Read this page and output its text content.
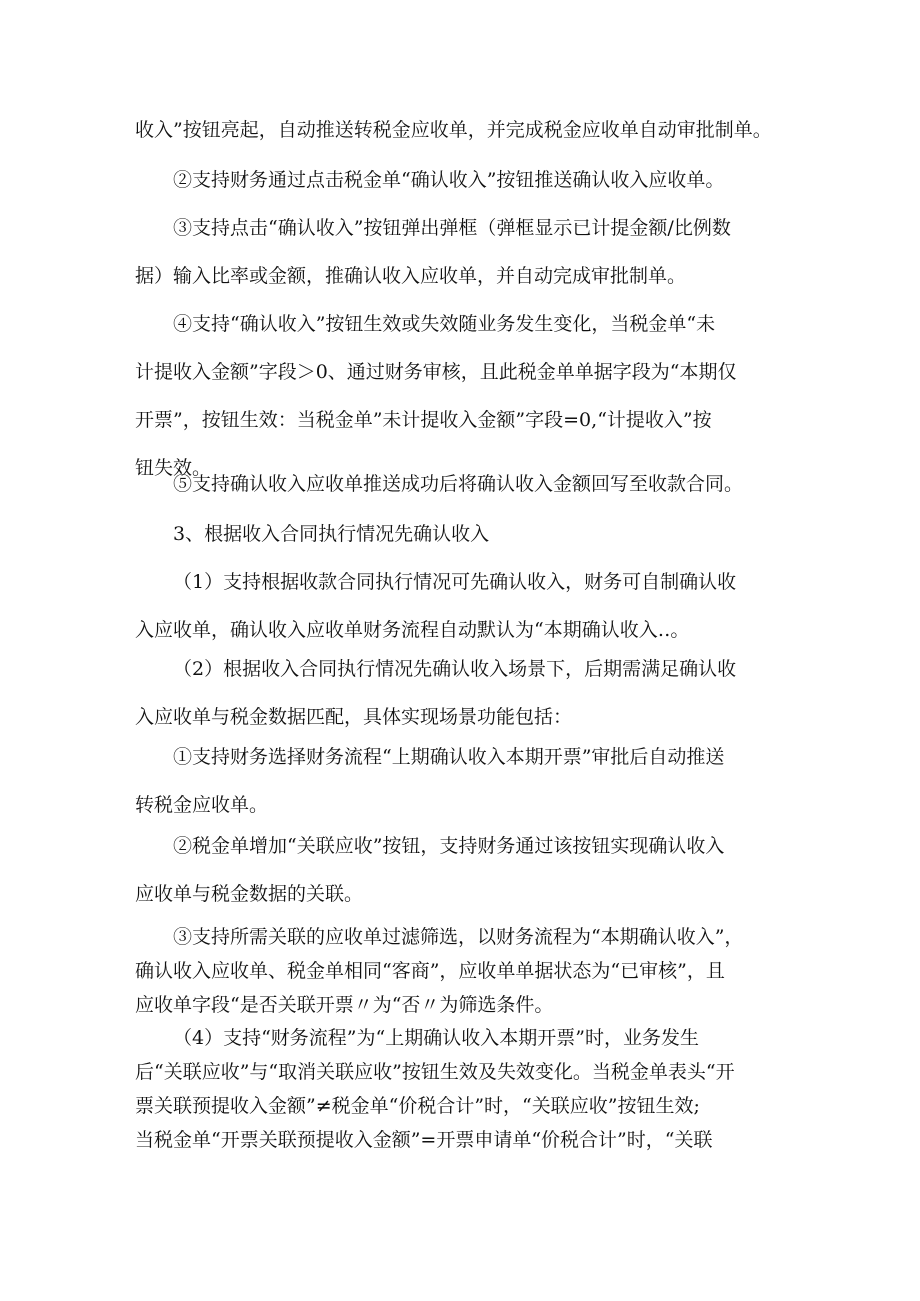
收入”按钮亮起，自动推送转税金应收单，并完成税金应收单自动审批制单。
②支持财务通过点击税金单“确认收入”按钮推送确认收入应收单。
③支持点击“确认收入”按钮弹出弹框（弹框显示已计提金额/比例数
据）输入比率或金额，推确认收入应收单，并自动完成审批制单。
④支持“确认收入”按钮生效或失效随业务发生变化，当税金单“未
计提收入金额”字段＞0、通过财务审核，且此税金单单据字段为“本期仅
开票”，按钮生效：当税金单”未计提收入金额”字段=0,“计提收入”按
钮失效。
⑤支持确认收入应收单推送成功后将确认收入金额回写至收款合同。
3、根据收入合同执行情况先确认收入
（1）支持根据收款合同执行情况可先确认收入，财务可自制确认收
入应收单，确认收入应收单财务流程自动默认为“本期确认收入‥。
（2）根据收入合同执行情况先确认收入场景下，后期需满足确认收
入应收单与税金数据匹配，具体实现场景功能包括：
①支持财务选择财务流程“上期确认收入本期开票”审批后自动推送
转税金应收单。
②税金单增加“关联应收”按钮，支持财务通过该按钮实现确认收入
应收单与税金数据的关联。
③支持所需关联的应收单过滤筛选，以财务流程为“本期确认收入”，
确认收入应收单、税金单相同“客商”，应收单单据状态为“已审核”，且
应收单字段“是否关联开票〃为“否〃为筛选条件。
（4）支持“财务流程”为“上期确认收入本期开票”时，业务发生
后“关联应收”与“取消关联应收”按钮生效及失效变化。当税金单表头“开
票关联预提收入金额”≠税金单“价税合计”时，“关联应收”按钮生效;
当税金单“开票关联预提收入金额”=开票申请单“价税合计”时，“关联
